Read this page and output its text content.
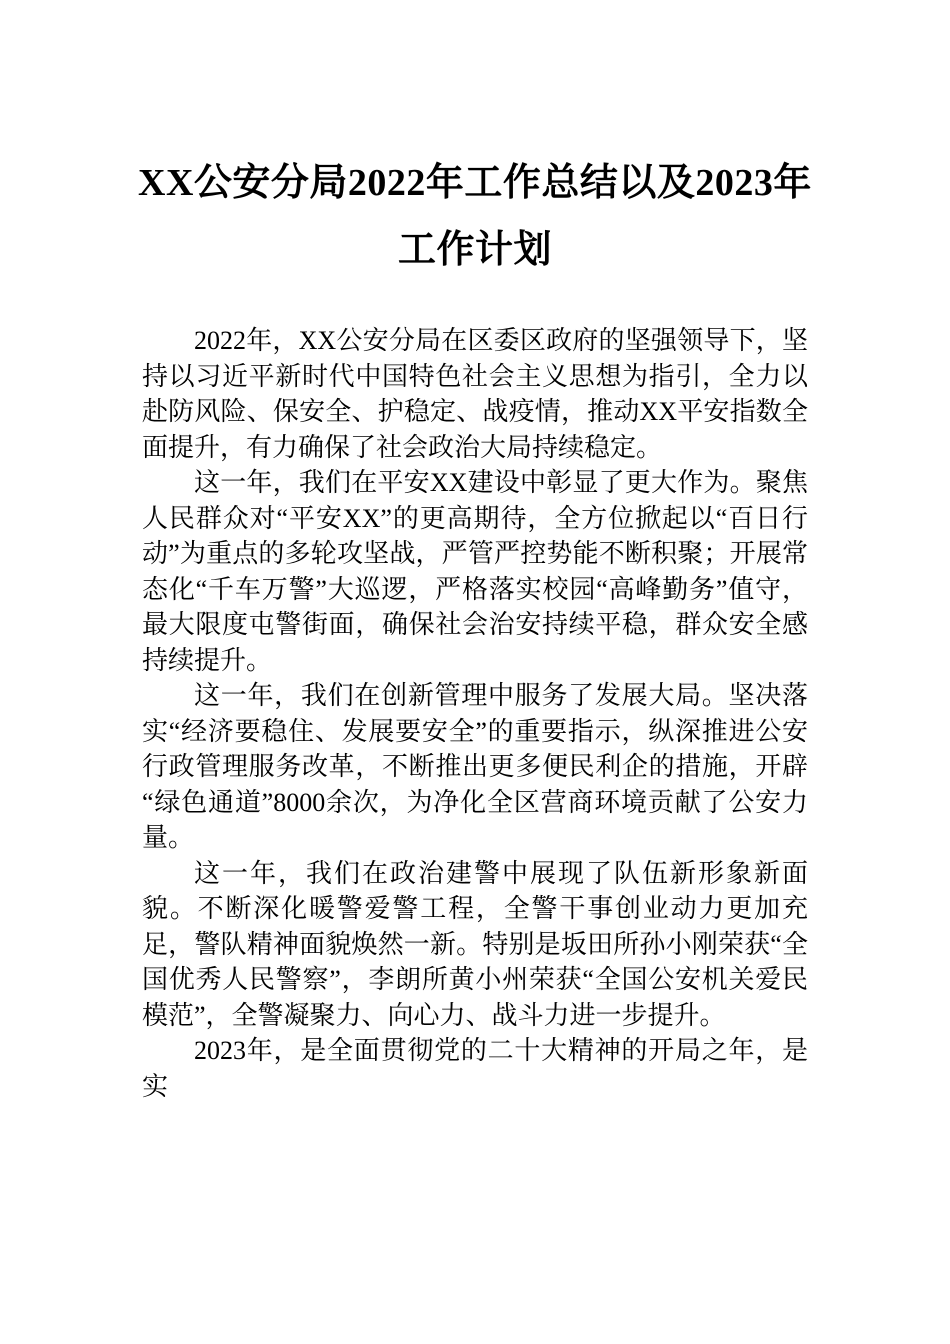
XX公安分局2022年工作总结以及2023年工作计划

2022年，XX公安分局在区委区政府的坚强领导下，坚持以习近平新时代中国特色社会主义思想为指引，全力以赴防风险、保安全、护稳定、战疫情，推动XX平安指数全面提升，有力确保了社会政治大局持续稳定。

这一年，我们在平安XX建设中彰显了更大作为。聚焦人民群众对“平安XX”的更高期待，全方位掀起以“百日行动”为重点的多轮攻坚战，严管严控势能不断积聚；开展常态化“千车万警”大巡逻，严格落实校园“高峰勤务”值守，最大限度屯警街面，确保社会治安持续平稳，群众安全感持续提升。

这一年，我们在创新管理中服务了发展大局。坚决落实“经济要稳住、发展要安全”的重要指示，纵深推进公安行政管理服务改革，不断推出更多便民利企的措施，开辟“绿色通道”8000余次，为净化全区营商环境贡献了公安力量。

这一年，我们在政治建警中展现了队伍新形象新面貌。不断深化暖警爱警工程，全警干事创业动力更加充足，警队精神面貌焕然一新。特别是坂田所孙小刚荣获“全国优秀人民警察”，李朗所黄小州荣获“全国公安机关爱民模范”，全警凝聚力、向心力、战斗力进一步提升。

2023年，是全面贯彻党的二十大精神的开局之年，是实
